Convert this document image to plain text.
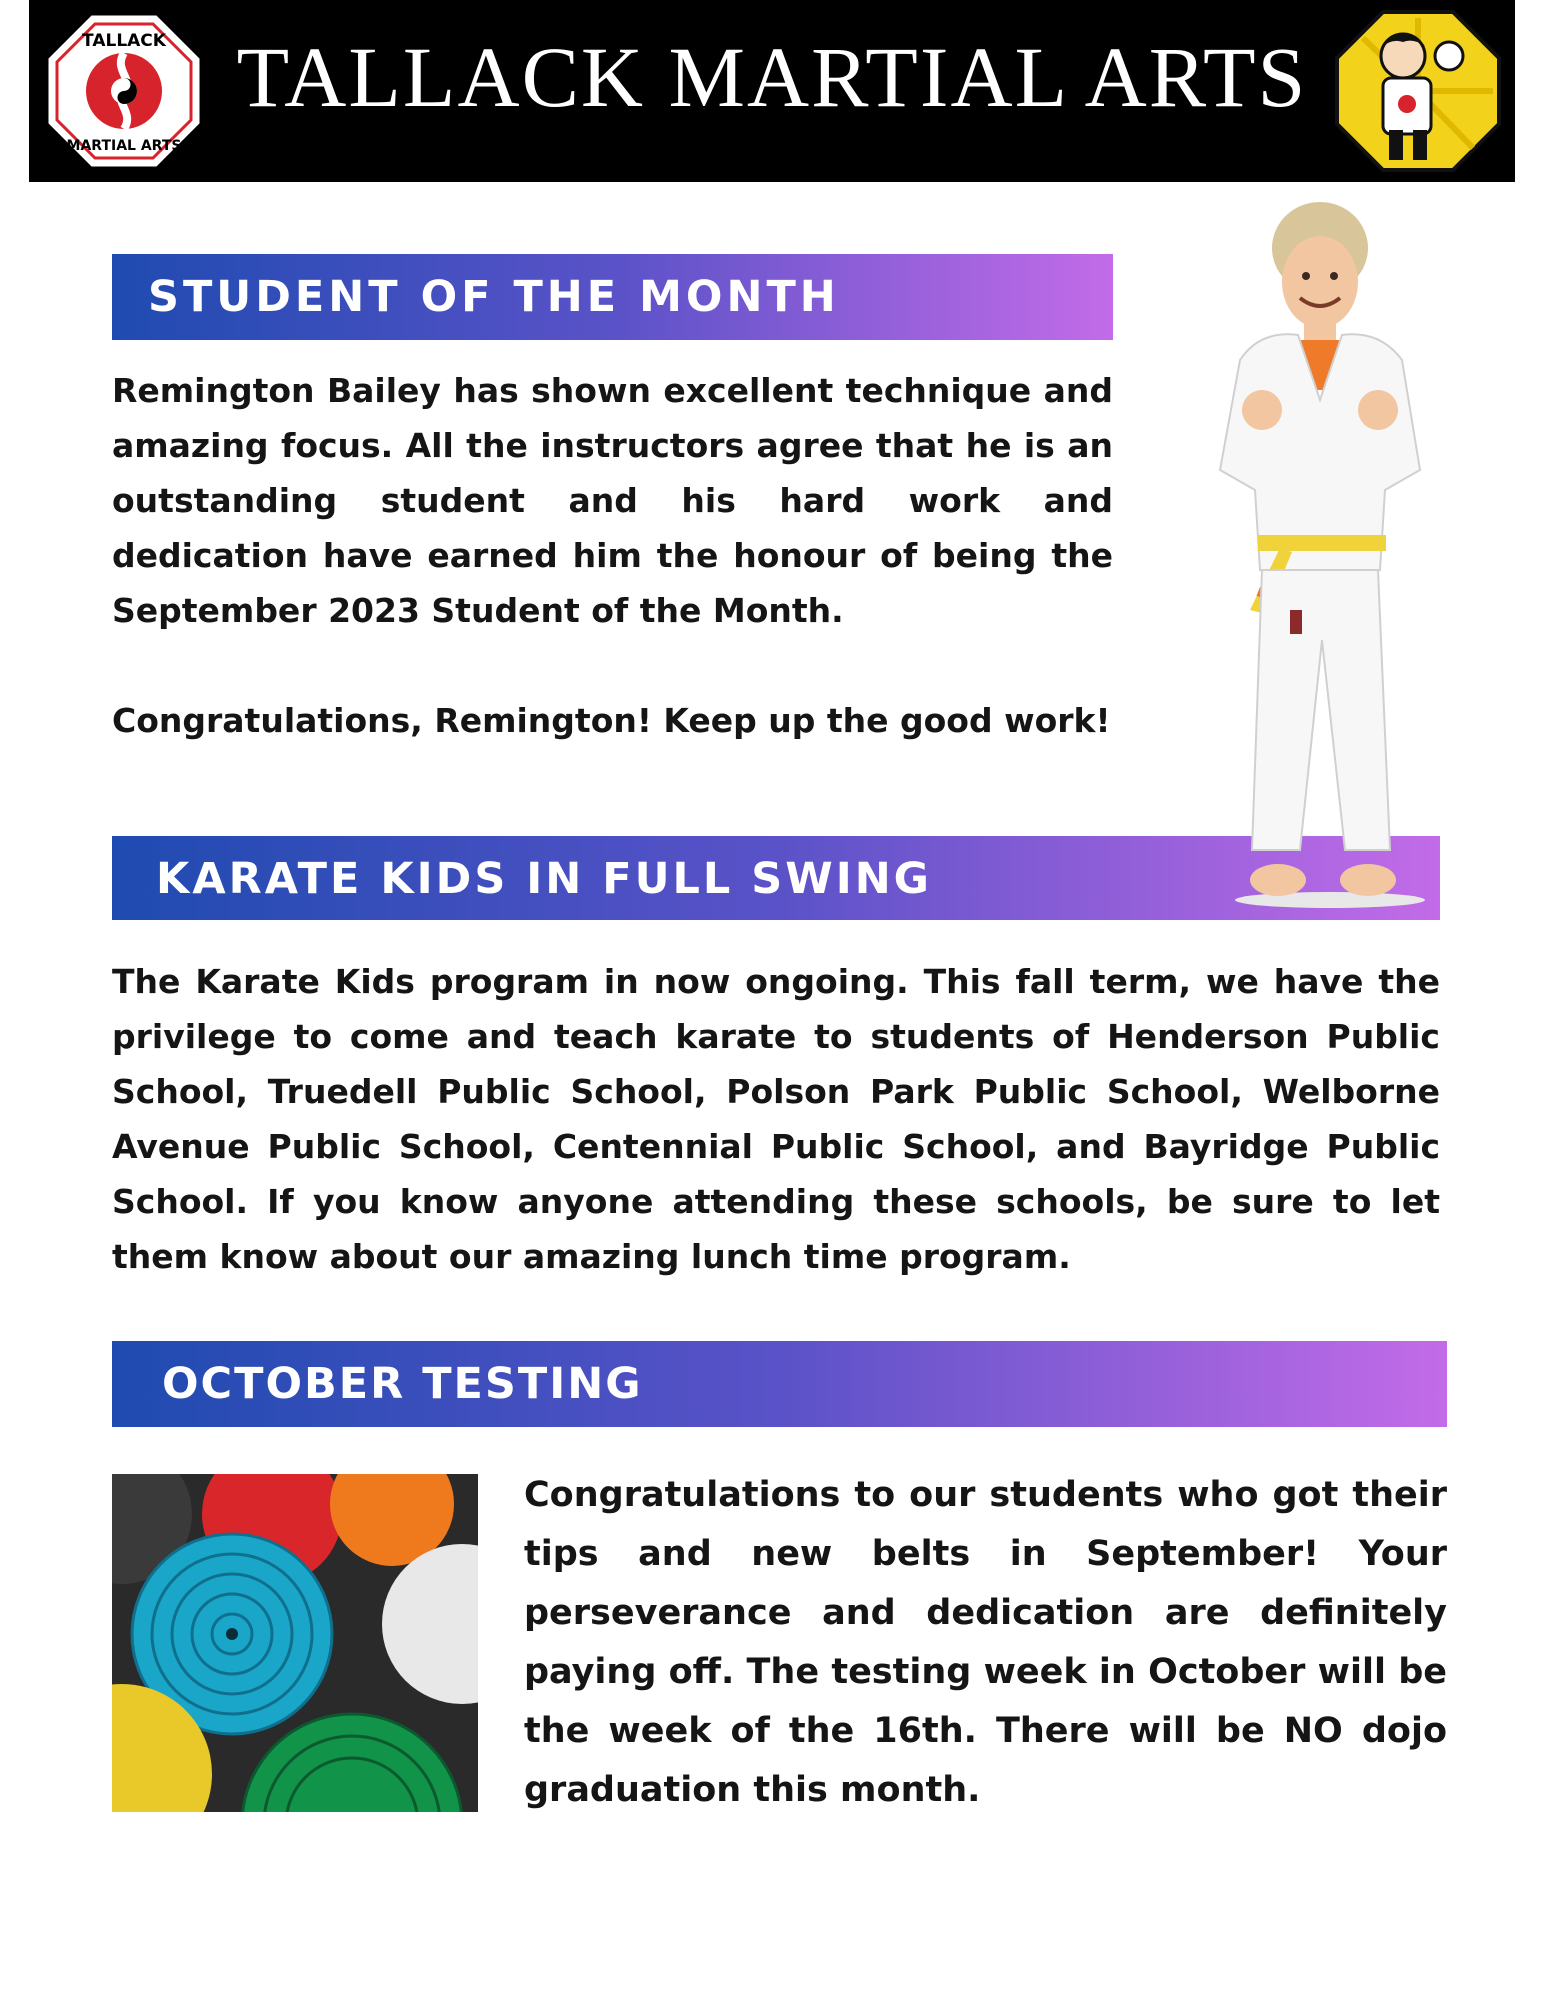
TALLACK
MARTIAL ARTS
TALLACK MARTIAL ARTS
STUDENT OF THE MONTH
Remington Bailey has shown excellent technique and amazing focus. All the instructors agree that he is an outstanding student and his hard work and dedication have earned him the honour of being the September 2023 Student of the Month.
Congratulations, Remington! Keep up the good work!
KARATE KIDS IN FULL SWING
The Karate Kids program in now ongoing. This fall term, we have the privilege to come and teach karate to students of Henderson Public School, Truedell Public School, Polson Park Public School, Welborne Avenue Public School, Centennial Public School, and Bayridge Public School. If you know anyone attending these schools, be sure to let them know about our amazing lunch time program.
OCTOBER TESTING
Congratulations to our students who got their tips and new belts in September! Your perseverance and dedication are definitely paying off. The testing week in October will be the week of the 16th. There will be NO dojo graduation this month.
